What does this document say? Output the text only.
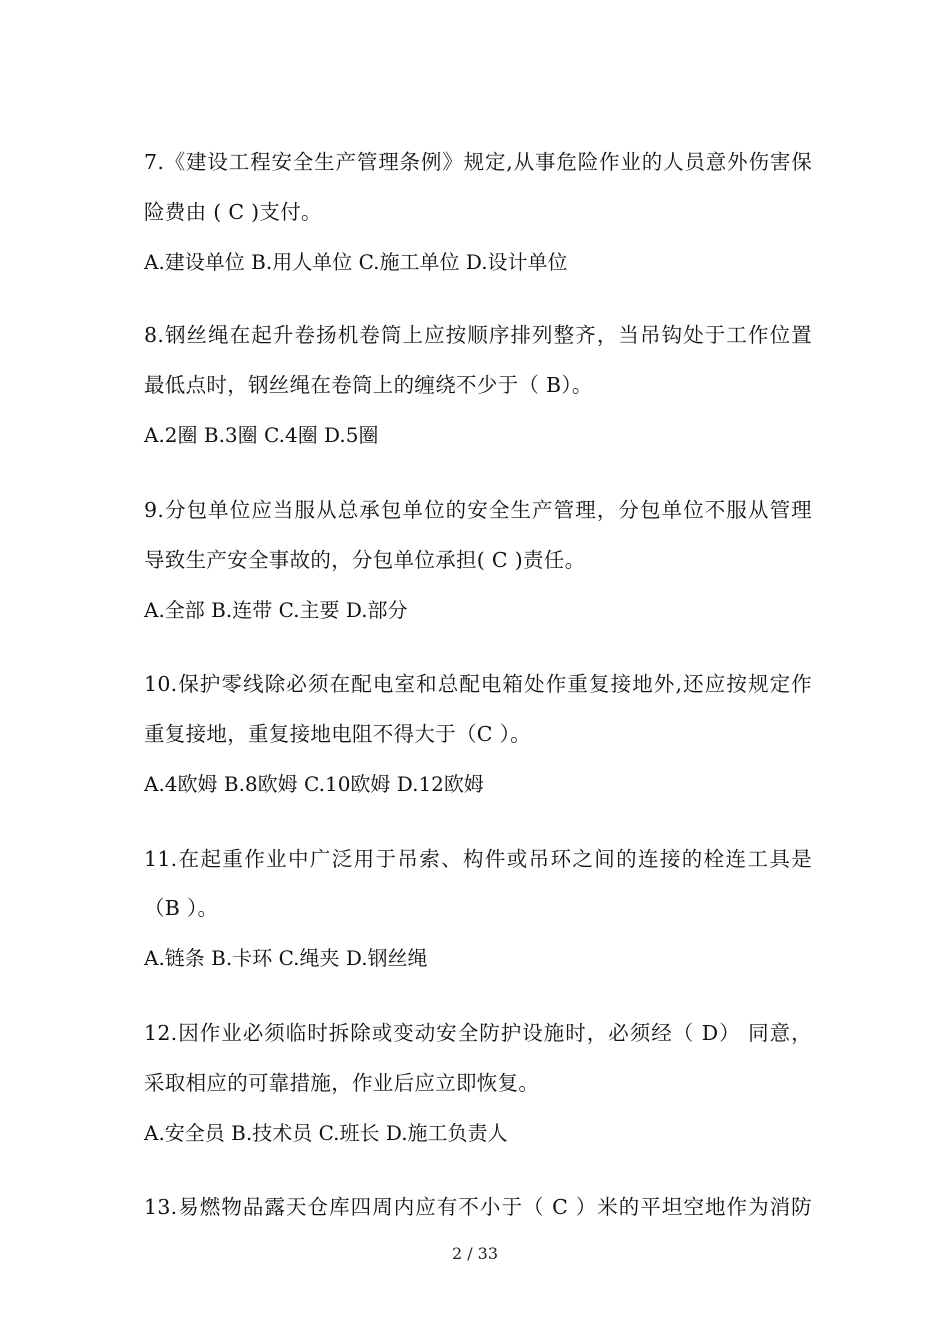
7.《建设工程安全生产管理条例》规定,从事危险作业的人员意外伤害保
险费由 ( C )支付。
A.建设单位 B.用人单位 C.施工单位 D.设计单位
8.钢丝绳在起升卷扬机卷筒上应按顺序排列整齐，当吊钩处于工作位置
最低点时，钢丝绳在卷筒上的缠绕不少于（ B）。
A.2圈 B.3圈 C.4圈 D.5圈
9.分包单位应当服从总承包单位的安全生产管理，分包单位不服从管理
导致生产安全事故的，分包单位承担( C )责任。
A.全部 B.连带 C.主要 D.部分
10.保护零线除必须在配电室和总配电箱处作重复接地外,还应按规定作
重复接地，重复接地电阻不得大于（C ）。
A.4欧姆 B.8欧姆 C.10欧姆 D.12欧姆
11.在起重作业中广泛用于吊索、构件或吊环之间的连接的栓连工具是
（B ）。
A.链条 B.卡环 C.绳夹 D.钢丝绳
12.因作业必须临时拆除或变动安全防护设施时，必须经（ D） 同意，
采取相应的可靠措施，作业后应立即恢复。
A.安全员 B.技术员 C.班长 D.施工负责人
13.易燃物品露天仓库四周内应有不小于（ C ）米的平坦空地作为消防
2 / 33
